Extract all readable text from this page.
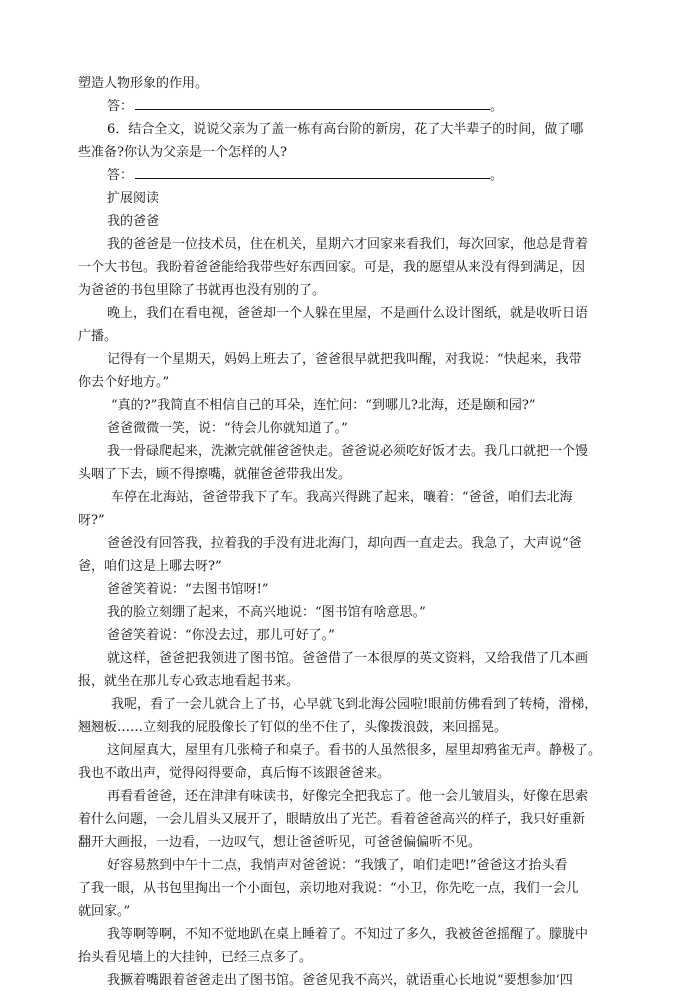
塑造人物形象的作用。
答：	。
6．结合全文，说说父亲为了盖一栋有高台阶的新房，花了大半辈子的时间，做了哪
些准备?你认为父亲是一个怎样的人?
答：	。
扩展阅读
我的爸爸
我的爸爸是一位技术员，住在机关，星期六才回家来看我们，每次回家，他总是背着
一个大书包。我盼着爸爸能给我带些好东西回家。可是，我的愿望从来没有得到满足，因
为爸爸的书包里除了书就再也没有别的了。
晚上，我们在看电视，爸爸却一个人躲在里屋，不是画什么设计图纸，就是收听日语
广播。
记得有一个星期天，妈妈上班去了，爸爸很早就把我叫醒，对我说：“快起来，我带
你去个好地方。”
“真的?”我简直不相信自己的耳朵，连忙问：“到哪儿?北海，还是颐和园?”
爸爸微微一笑，说：“待会儿你就知道了。”
我一骨碌爬起来，洗漱完就催爸爸快走。爸爸说必须吃好饭才去。我几口就把一个馒
头咽了下去，顾不得擦嘴，就催爸爸带我出发。
车停在北海站，爸爸带我下了车。我高兴得跳了起来，嚷着：“爸爸，咱们去北海
呀?”
爸爸没有回答我，拉着我的手没有进北海门，却向西一直走去。我急了，大声说“爸
爸，咱们这是上哪去呀?”
爸爸笑着说：“去图书馆呀!”
我的脸立刻绷了起来，不高兴地说：“图书馆有啥意思。”
爸爸笑着说：“你没去过，那儿可好了。”
就这样，爸爸把我领进了图书馆。爸爸借了一本很厚的英文资料，又给我借了几本画
报，就坐在那儿专心致志地看起书来。
我呢，看了一会儿就合上了书，心早就飞到北海公园啦!眼前仿佛看到了转椅，滑梯，
翘翘板……立刻我的屁股像长了钉似的坐不住了，头像拨浪鼓，来回摇晃。
这间屋真大，屋里有几张椅子和桌子。看书的人虽然很多，屋里却鸦雀无声。静极了。
我也不敢出声，觉得闷得要命，真后悔不该跟爸爸来。
再看看爸爸，还在津津有味读书，好像完全把我忘了。他一会儿皱眉头，好像在思索
着什么问题，一会儿眉头又展开了，眼睛放出了光芒。看着爸爸高兴的样子，我只好重新
翻开大画报，一边看，一边叹气，想让爸爸听见，可爸爸偏偏听不见。
好容易熬到中午十二点，我悄声对爸爸说：“我饿了，咱们走吧!”爸爸这才抬头看
了我一眼，从书包里掏出一个小面包，亲切地对我说：“小卫，你先吃一点，我们一会儿
就回家。”
我等啊等啊，不知不觉地趴在桌上睡着了。不知过了多久，我被爸爸摇醒了。朦胧中
抬头看见墙上的大挂钟，已经三点多了。
我撅着嘴跟着爸爸走出了图书馆。爸爸见我不高兴，就语重心长地说“要想参加‘四
